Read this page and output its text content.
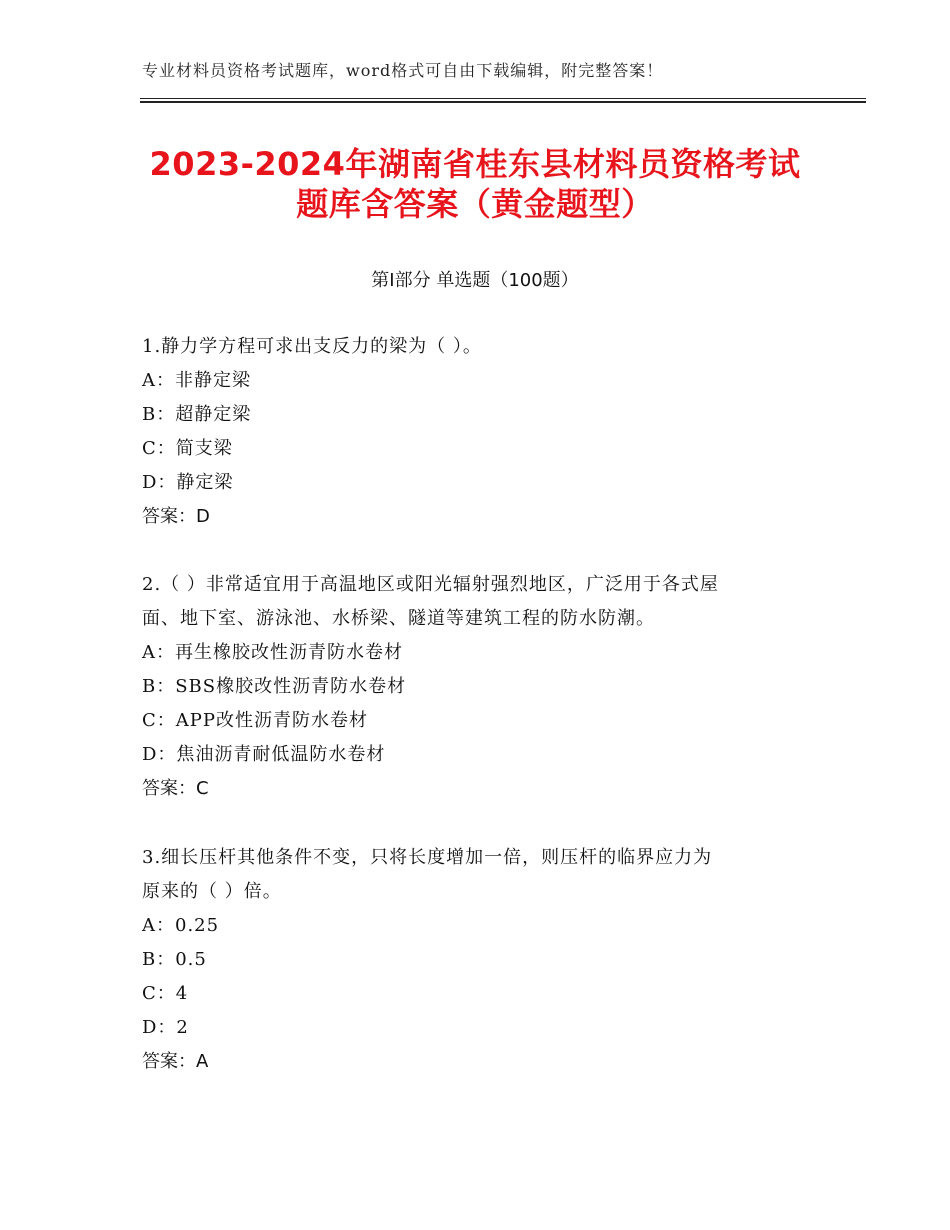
专业材料员资格考试题库，word格式可自由下载编辑，附完整答案！
2023-2024年湖南省桂东县材料员资格考试
题库含答案（黄金题型）
第Ⅰ部分 单选题（100题）

1.静力学方程可求出支反力的梁为（ ）。

A：非静定梁

B：超静定梁

C：简支梁

D：静定梁

答案：D

2.（ ）非常适宜用于高温地区或阳光辐射强烈地区，广泛用于各式屋

面、地下室、游泳池、水桥梁、隧道等建筑工程的防水防潮。

A：再生橡胶改性沥青防水卷材

B：SBS橡胶改性沥青防水卷材

C：APP改性沥青防水卷材

D：焦油沥青耐低温防水卷材

答案：C

3.细长压杆其他条件不变，只将长度增加一倍，则压杆的临界应力为

原来的（ ）倍。

A：0.25

B：0.5

C：4

D：2

答案：A
